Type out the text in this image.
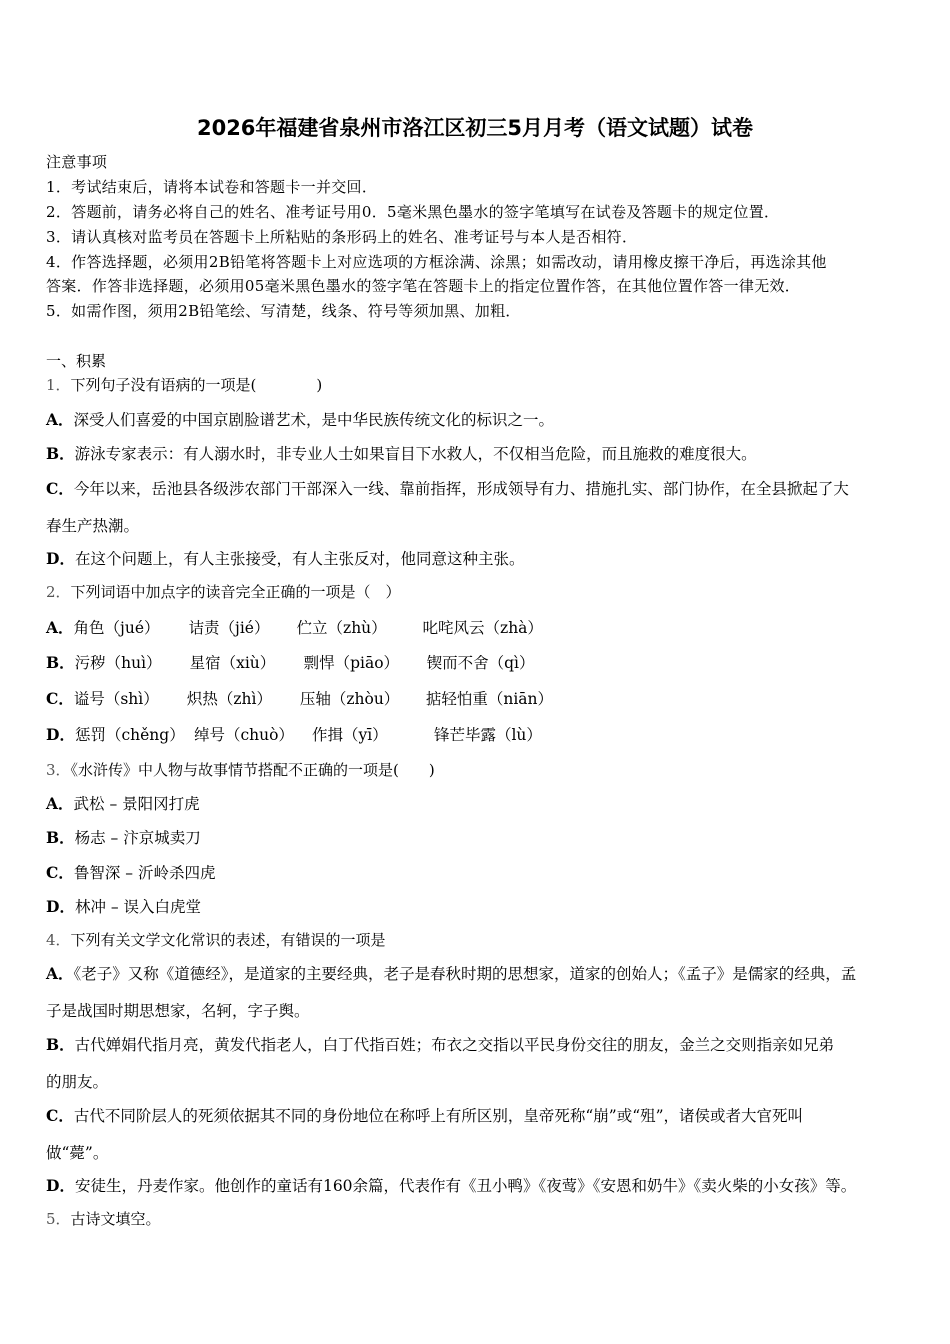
2026年福建省泉州市洛江区初三5月月考（语文试题）试卷
注意事项
1．考试结束后，请将本试卷和答题卡一并交回．
2．答题前，请务必将自己的姓名、准考证号用0．5毫米黑色墨水的签字笔填写在试卷及答题卡的规定位置．
3．请认真核对监考员在答题卡上所粘贴的条形码上的姓名、准考证号与本人是否相符．
4．作答选择题，必须用2B铅笔将答题卡上对应选项的方框涂满、涂黑；如需改动，请用橡皮擦干净后，再选涂其他
答案．作答非选择题，必须用05毫米黑色墨水的签字笔在答题卡上的指定位置作答，在其他位置作答一律无效．
5．如需作图，须用2B铅笔绘、写清楚，线条、符号等须加黑、加粗．
一、积累
1．下列句子没有语病的一项是(　　　　)
A．深受人们喜爱的中国京剧脸谱艺术，是中华民族传统文化的标识之一。
B．游泳专家表示：有人溺水时，非专业人士如果盲目下水救人，不仅相当危险，而且施救的难度很大。
C．今年以来，岳池县各级涉农部门干部深入一线、靠前指挥，形成领导有力、措施扎实、部门协作，在全县掀起了大
春生产热潮。
D．在这个问题上，有人主张接受，有人主张反对，他同意这种主张。
2．下列词语中加点字的读音完全正确的一项是（　）
A．角色（jué） 诘责（jié） 伫立（zhù） 叱咤风云（zhà）
B．污秽（huì） 星宿（xiù） 剽悍（piāo） 锲而不舍（qì）
C．谥号（shì） 炽热（zhì） 压轴（zhòu） 掂轻怕重（niān）
D．惩罚（chěng） 绰号（chuò） 作揖（yī）	锋芒毕露（lù）
3．《水浒传》中人物与故事情节搭配不正确的一项是(　　)
A．武松 – 景阳冈打虎
B．杨志 – 汴京城卖刀
C．鲁智深 – 沂岭杀四虎
D．林冲 – 误入白虎堂
4．下列有关文学文化常识的表述，有错误的一项是
A．《老子》又称《道德经》，是道家的主要经典，老子是春秋时期的思想家，道家的创始人；《孟子》是儒家的经典，孟
子是战国时期思想家，名轲，字子舆。
B．古代婵娟代指月亮，黄发代指老人，白丁代指百姓；布衣之交指以平民身份交往的朋友，金兰之交则指亲如兄弟
的朋友。
C．古代不同阶层人的死须依据其不同的身份地位在称呼上有所区别，皇帝死称“崩”或“殂”，诸侯或者大官死叫
做“薨”。
D．安徒生，丹麦作家。他创作的童话有160余篇，代表作有《丑小鸭》《夜莺》《安恩和奶牛》《卖火柴的小女孩》等。
5．古诗文填空。
